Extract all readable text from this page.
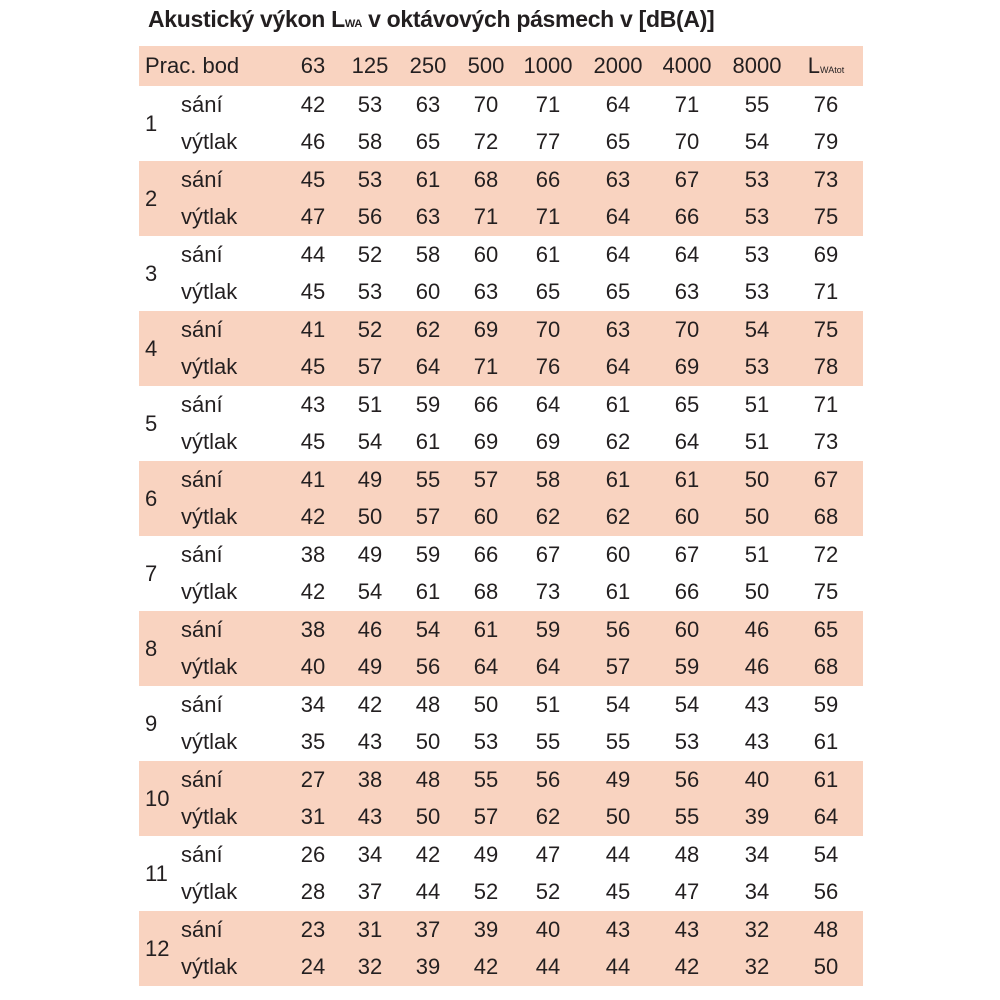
Akustický výkon LWA v oktávových pásmech v [dB(A)]
Prac. bod	63 125 250 500 1000 2000 4000 8000 LWAtot
1
sání	42 53 63 70 71 64 71 55 76
výtlak	46 58 65 72 77 65 70 54 79
2
sání	45 53 61 68 66 63 67 53 73
výtlak	47 56 63 71 71 64 66 53 75
3
sání	44 52 58 60 61 64 64 53 69
výtlak	45 53 60 63 65 65 63 53 71
4
sání	41 52 62 69 70 63 70 54 75
výtlak	45 57 64 71 76 64 69 53 78
5
sání	43 51 59 66 64 61 65 51 71
výtlak	45 54 61 69 69 62 64 51 73
6
sání	41 49 55 57 58 61 61 50 67
výtlak	42 50 57 60 62 62 60 50 68
7
sání	38 49 59 66 67 60 67 51 72
výtlak	42 54 61 68 73 61 66 50 75
8
sání	38 46 54 61 59 56 60 46 65
výtlak	40 49 56 64 64 57 59 46 68
9
sání	34 42 48 50 51 54 54 43 59
výtlak	35 43 50 53 55 55 53 43 61
10
sání	27 38 48 55 56 49 56 40 61
výtlak	31 43 50 57 62 50 55 39 64
11
sání	26 34 42 49 47 44 48 34 54
výtlak	28 37 44 52 52 45 47 34 56
12
sání	23 31 37 39 40 43 43 32 48
výtlak	24 32 39 42 44 44 42 32 50
